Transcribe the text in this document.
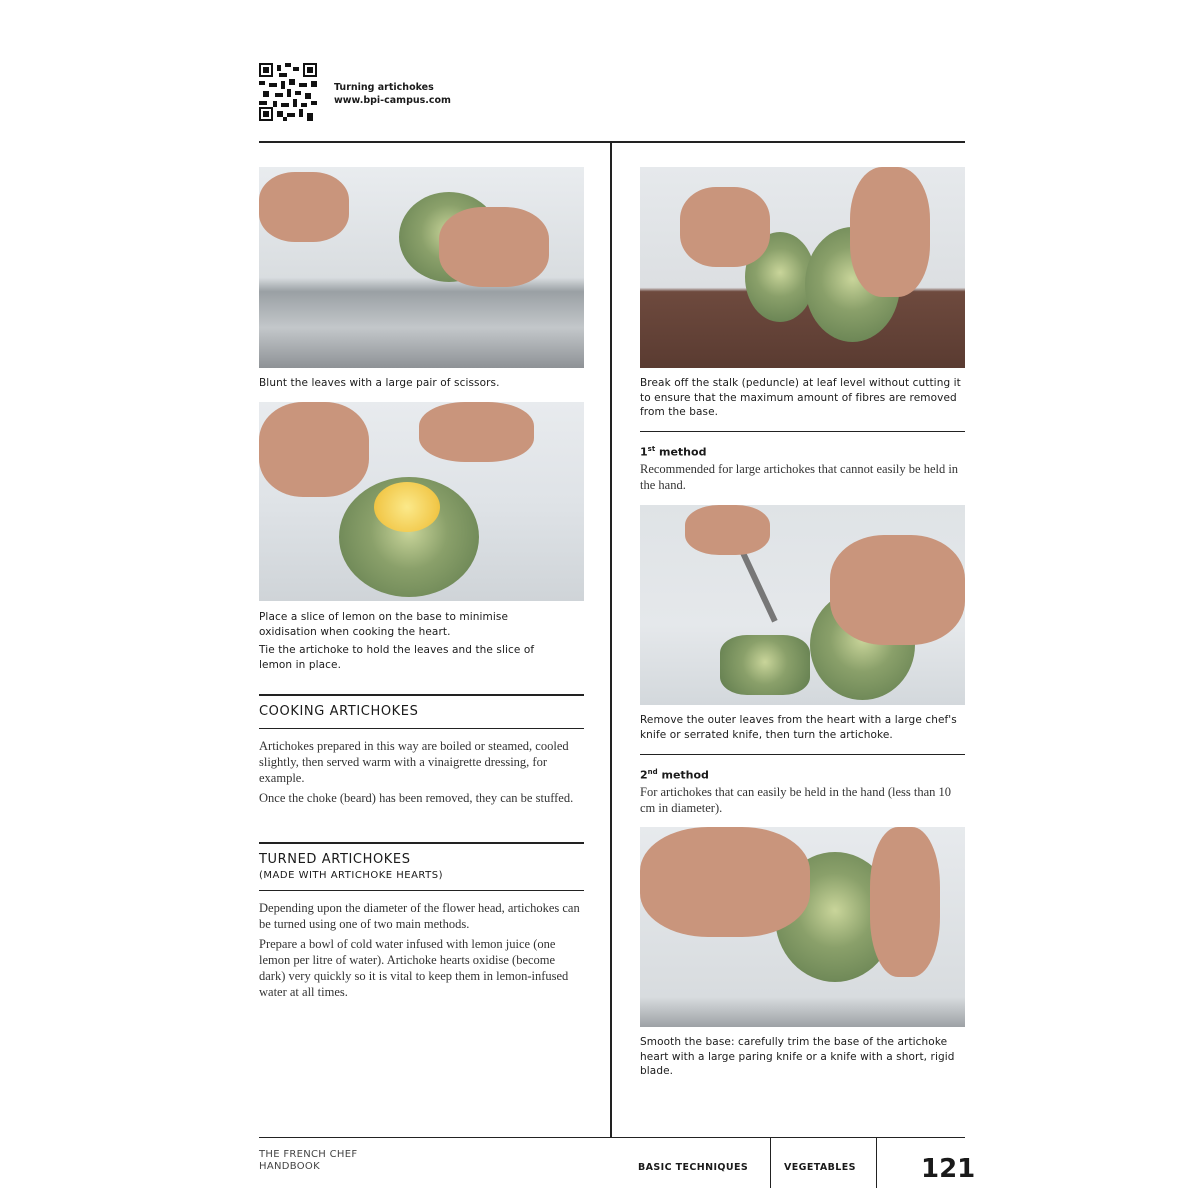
Turning artichokes
www.bpi-campus.com
Blunt the leaves with a large pair of scissors.
Place a slice of lemon on the base to minimise oxidisation when cooking the heart.
Tie the artichoke to hold the leaves and the slice of lemon in place.
COOKING ARTICHOKES

Artichokes prepared in this way are boiled or steamed, cooled slightly, then served warm with a vinaigrette dressing, for example.

Once the choke (beard) has been removed, they can be stuffed.

TURNED ARTICHOKES
(MADE WITH ARTICHOKE HEARTS)

Depending upon the diameter of the flower head, artichokes can be turned using one of two main methods.

Prepare a bowl of cold water infused with lemon juice (one lemon per litre of water). Artichoke hearts oxidise (become dark) very quickly so it is vital to keep them in lemon-infused water at all times.

Break off the stalk (peduncle) at leaf level without cutting it to ensure that the maximum amount of fibres are removed from the base.
1st method
Recommended for large artichokes that cannot easily be held in the hand.
Remove the outer leaves from the heart with a large chef's knife or serrated knife, then turn the artichoke.
2nd method
For artichokes that can easily be held in the hand (less than 10 cm in diameter).
Smooth the base: carefully trim the base of the artichoke heart with a large paring knife or a knife with a short, rigid blade.
THE FRENCH CHEF
HANDBOOK	BASIC TECHNIQUES	VEGETABLES	121
